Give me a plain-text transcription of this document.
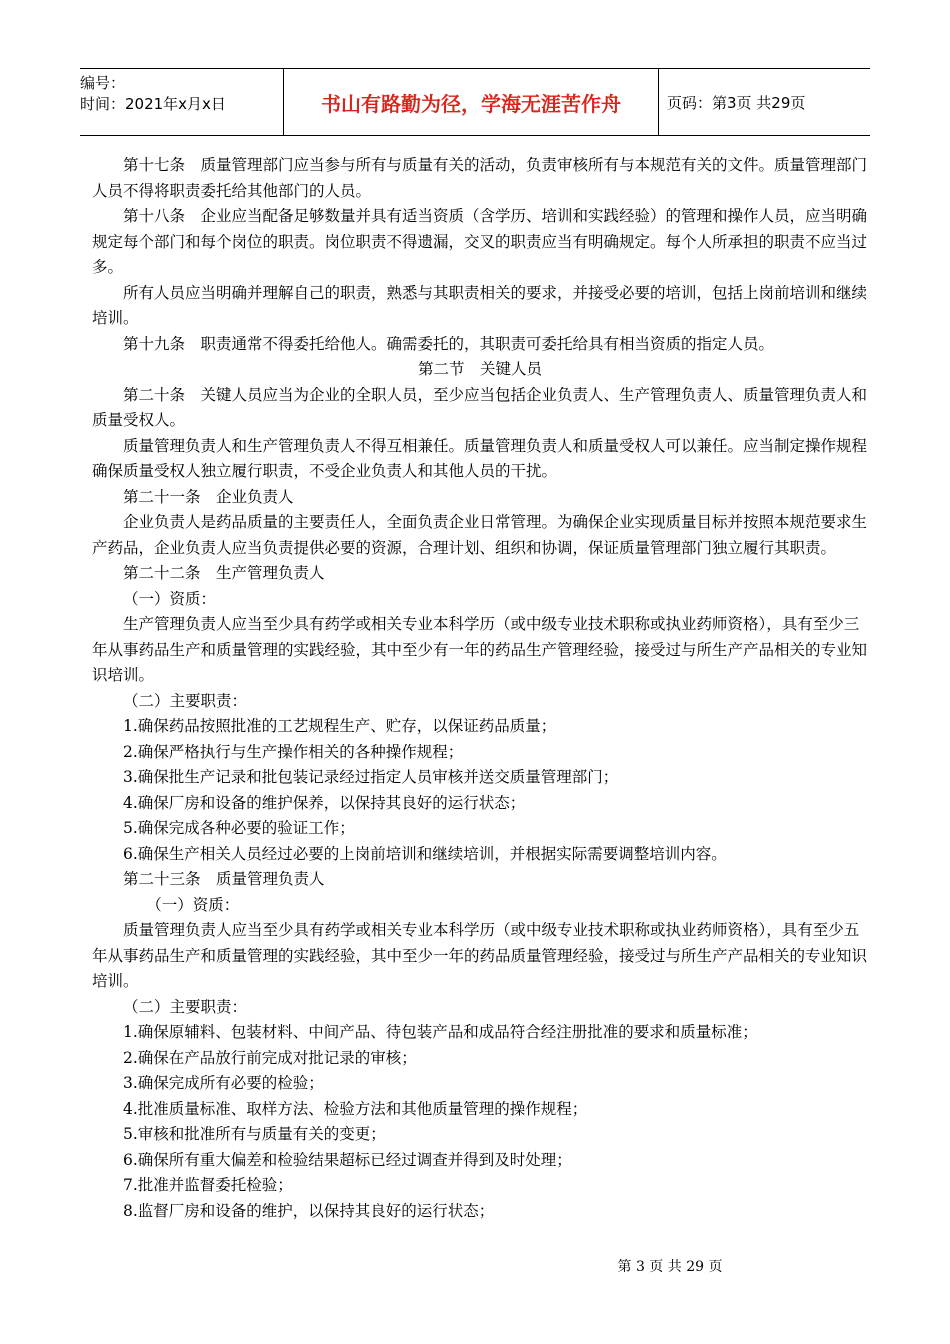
编号：
时间：2021年x月x日	书山有路勤为径，学海无涯苦作舟	页码：第3页 共29页

第十七条　质量管理部门应当参与所有与质量有关的活动，负责审核所有与本规范有关的文件。质量管理部门人员不得将职责委托给其他部门的人员。

第十八条　企业应当配备足够数量并具有适当资质（含学历、培训和实践经验）的管理和操作人员，应当明确规定每个部门和每个岗位的职责。岗位职责不得遗漏，交叉的职责应当有明确规定。每个人所承担的职责不应当过多。

所有人员应当明确并理解自己的职责，熟悉与其职责相关的要求，并接受必要的培训，包括上岗前培训和继续培训。

第十九条　职责通常不得委托给他人。确需委托的，其职责可委托给具有相当资质的指定人员。

第二节　关键人员

第二十条　关键人员应当为企业的全职人员，至少应当包括企业负责人、生产管理负责人、质量管理负责人和质量受权人。

质量管理负责人和生产管理负责人不得互相兼任。质量管理负责人和质量受权人可以兼任。应当制定操作规程确保质量受权人独立履行职责，不受企业负责人和其他人员的干扰。

第二十一条　企业负责人

企业负责人是药品质量的主要责任人，全面负责企业日常管理。为确保企业实现质量目标并按照本规范要求生产药品，企业负责人应当负责提供必要的资源，合理计划、组织和协调，保证质量管理部门独立履行其职责。

第二十二条　生产管理负责人

（一）资质：

生产管理负责人应当至少具有药学或相关专业本科学历（或中级专业技术职称或执业药师资格），具有至少三年从事药品生产和质量管理的实践经验，其中至少有一年的药品生产管理经验，接受过与所生产产品相关的专业知识培训。

（二）主要职责：

1.确保药品按照批准的工艺规程生产、贮存，以保证药品质量；

2.确保严格执行与生产操作相关的各种操作规程；

3.确保批生产记录和批包装记录经过指定人员审核并送交质量管理部门；

4.确保厂房和设备的维护保养，以保持其良好的运行状态；

5.确保完成各种必要的验证工作；

6.确保生产相关人员经过必要的上岗前培训和继续培训，并根据实际需要调整培训内容。

第二十三条　质量管理负责人

　　（一）资质：

质量管理负责人应当至少具有药学或相关专业本科学历（或中级专业技术职称或执业药师资格），具有至少五年从事药品生产和质量管理的实践经验，其中至少一年的药品质量管理经验，接受过与所生产产品相关的专业知识培训。

（二）主要职责：

1.确保原辅料、包装材料、中间产品、待包装产品和成品符合经注册批准的要求和质量标准；

2.确保在产品放行前完成对批记录的审核；

3.确保完成所有必要的检验；

4.批准质量标准、取样方法、检验方法和其他质量管理的操作规程；

5.审核和批准所有与质量有关的变更；

6.确保所有重大偏差和检验结果超标已经过调查并得到及时处理；

7.批准并监督委托检验；

8.监督厂房和设备的维护，以保持其良好的运行状态；

第 3 页 共 29 页
